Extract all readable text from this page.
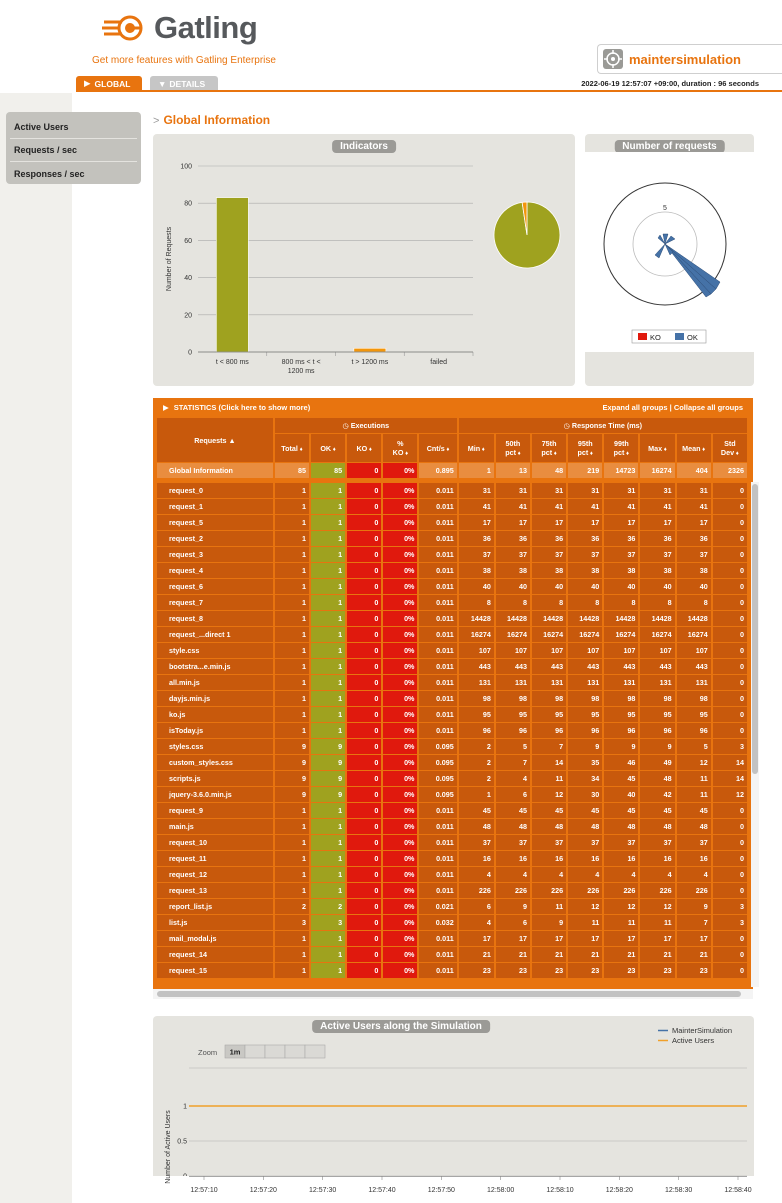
Gatling
Get more features with Gatling Enterprise	maintersimulation
▶ GLOBAL	▼ DETAILS	2022-06-19 12:57:07 +09:00, duration : 96 seconds
Active Users
Requests / sec
Responses / sec
> Global Information
Indicators
0
20
40
60
80
100
Number of Requests
t < 800 ms	800 ms < t <
1200 ms
t > 1200 ms	failed
Number of requests
5
KO	OK
▶ STATISTICS (Click here to show more)	Expand all groups | Collapse all groups
Requests ▲	◷ Executions					◷ Response Time (ms)							
	Total ♦	OK ♦	KO ♦	%
KO ♦	Cnt/s ♦	Min ♦	50th
pct ♦	75th
pct ♦	95th
pct ♦	99th
pct ♦	Max ♦	Mean ♦	Std
Dev ♦
Global Information	85	85	0	0%	0.895	1	13	48	219	14723	16274	404	2326

request_0	1	1	0	0%	0.011	31	31	31	31	31	31	31	0
request_1	1	1	0	0%	0.011	41	41	41	41	41	41	41	0
request_5	1	1	0	0%	0.011	17	17	17	17	17	17	17	0
request_2	1	1	0	0%	0.011	36	36	36	36	36	36	36	0
request_3	1	1	0	0%	0.011	37	37	37	37	37	37	37	0
request_4	1	1	0	0%	0.011	38	38	38	38	38	38	38	0
request_6	1	1	0	0%	0.011	40	40	40	40	40	40	40	0
request_7	1	1	0	0%	0.011	8	8	8	8	8	8	8	0
request_8	1	1	0	0%	0.011	14428	14428	14428	14428	14428	14428	14428	0
request_...direct 1	1	1	0	0%	0.011	16274	16274	16274	16274	16274	16274	16274	0
style.css	1	1	0	0%	0.011	107	107	107	107	107	107	107	0
bootstra...e.min.js	1	1	0	0%	0.011	443	443	443	443	443	443	443	0
all.min.js	1	1	0	0%	0.011	131	131	131	131	131	131	131	0
dayjs.min.js	1	1	0	0%	0.011	98	98	98	98	98	98	98	0
ko.js	1	1	0	0%	0.011	95	95	95	95	95	95	95	0
isToday.js	1	1	0	0%	0.011	96	96	96	96	96	96	96	0
styles.css	9	9	0	0%	0.095	2	5	7	9	9	9	5	3
custom_styles.css	9	9	0	0%	0.095	2	7	14	35	46	49	12	14
scripts.js	9	9	0	0%	0.095	2	4	11	34	45	48	11	14
jquery-3.6.0.min.js	9	9	0	0%	0.095	1	6	12	30	40	42	11	12
request_9	1	1	0	0%	0.011	45	45	45	45	45	45	45	0
main.js	1	1	0	0%	0.011	48	48	48	48	48	48	48	0
request_10	1	1	0	0%	0.011	37	37	37	37	37	37	37	0
request_11	1	1	0	0%	0.011	16	16	16	16	16	16	16	0
request_12	1	1	0	0%	0.011	4	4	4	4	4	4	4	0
request_13	1	1	0	0%	0.011	226	226	226	226	226	226	226	0
report_list.js	2	2	0	0%	0.021	6	9	11	12	12	12	9	3
list.js	3	3	0	0%	0.032	4	6	9	11	11	11	7	3
mail_modal.js	1	1	0	0%	0.011	17	17	17	17	17	17	17	0
request_14	1	1	0	0%	0.011	21	21	21	21	21	21	21	0
request_15	1	1	0	0%	0.011	23	23	23	23	23	23	23	0
Active Users along the Simulation	MainterSimulation
Active Users
Zoom 1m
0.5
1
Number of Active Users
12:57:10	12:57:20	12:57:30	12:57:40	12:57:50	12:58:00	12:58:10	12:58:20	12:58:30	12:58:40
